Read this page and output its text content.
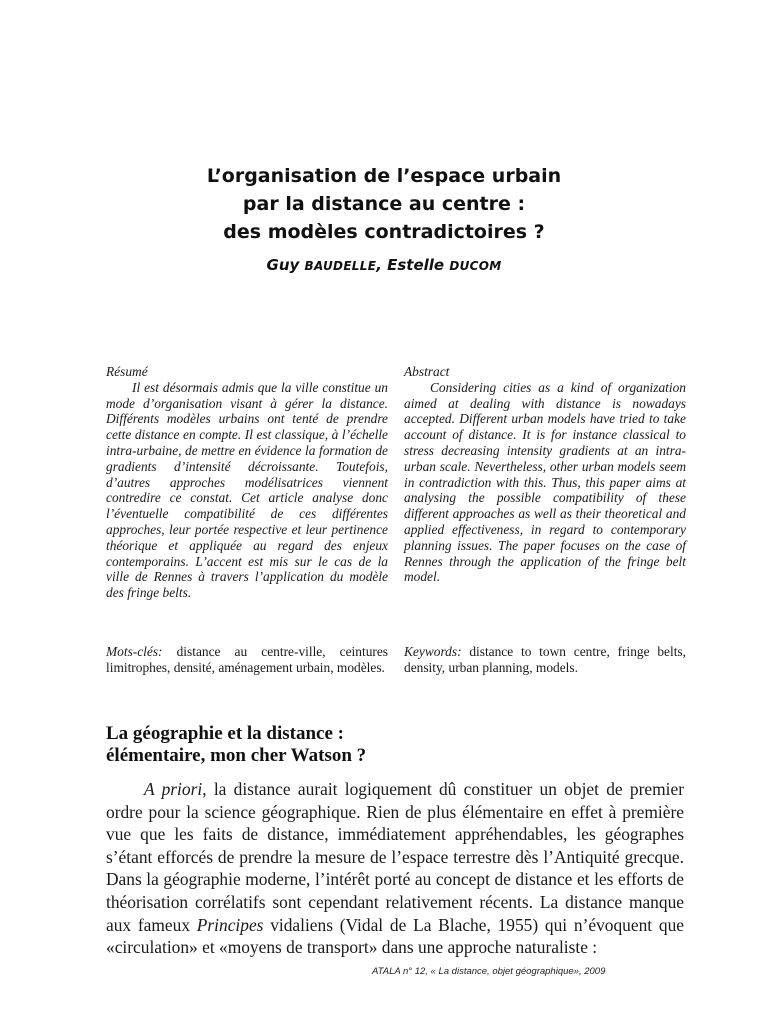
L’organisation de l’espace urbain
par la distance au centre :
des modèles contradictoires ?
Guy BAUDELLE, Estelle DUCOM

Résumé

Il est désormais admis que la ville constitue un mode d’organisation visant à gérer la distance. Différents modèles urbains ont tenté de prendre cette distance en compte. Il est classique, à l’échelle intra-urbaine, de mettre en évidence la formation de gradients d’intensité décroissante. Toutefois, d’autres approches modélisatrices viennent contredire ce constat. Cet article analyse donc l’éventuelle compatibilité de ces différentes approches, leur portée respective et leur pertinence théorique et appliquée au regard des enjeux contemporains. L’accent est mis sur le cas de la ville de Rennes à travers l’application du modèle des fringe belts.

Abstract

Considering cities as a kind of organization aimed at dealing with distance is nowadays accepted. Different urban models have tried to take account of distance. It is for instance classical to stress decreasing intensity gradients at an intra-urban scale. Nevertheless, other urban models seem in contradiction with this. Thus, this paper aims at analysing the possible compatibility of these different approaches as well as their theoretical and applied effectiveness, in regard to contemporary planning issues. The paper focuses on the case of Rennes through the application of the fringe belt model.

Mots-clés: distance au centre-ville, ceintures limitrophes, densité, aménagement urbain, modèles.

Keywords: distance to town centre, fringe belts, density, urban planning, models.

La géographie et la distance :
élémentaire, mon cher Watson ?

A priori, la distance aurait logiquement dû constituer un objet de premier ordre pour la science géographique. Rien de plus élémentaire en effet à première vue que les faits de distance, immédiatement appréhendables, les géographes s’étant efforcés de prendre la mesure de l’espace terrestre dès l’Antiquité grecque. Dans la géographie moderne, l’intérêt porté au concept de distance et les efforts de théorisation corrélatifs sont cependant relativement récents. La distance manque aux fameux Principes vidaliens (Vidal de La Blache, 1955) qui n’évoquent que «circulation» et «moyens de transport» dans une approche naturaliste :

ATALA n° 12, « La distance, objet géographique», 2009
